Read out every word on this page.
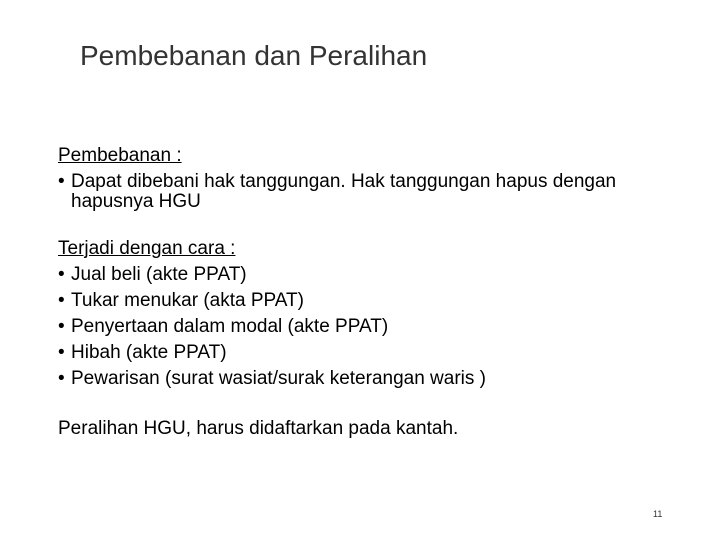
Pembebanan dan Peralihan
Pembebanan :
• Dapat dibebani hak tanggungan. Hak tanggungan hapus dengan hapusnya HGU
Terjadi dengan cara :
• Jual beli (akte PPAT)
• Tukar menukar (akta PPAT)
• Penyertaan dalam modal (akte PPAT)
• Hibah (akte PPAT)
• Pewarisan (surat wasiat/surak keterangan waris )
Peralihan HGU, harus didaftarkan pada kantah.
11
